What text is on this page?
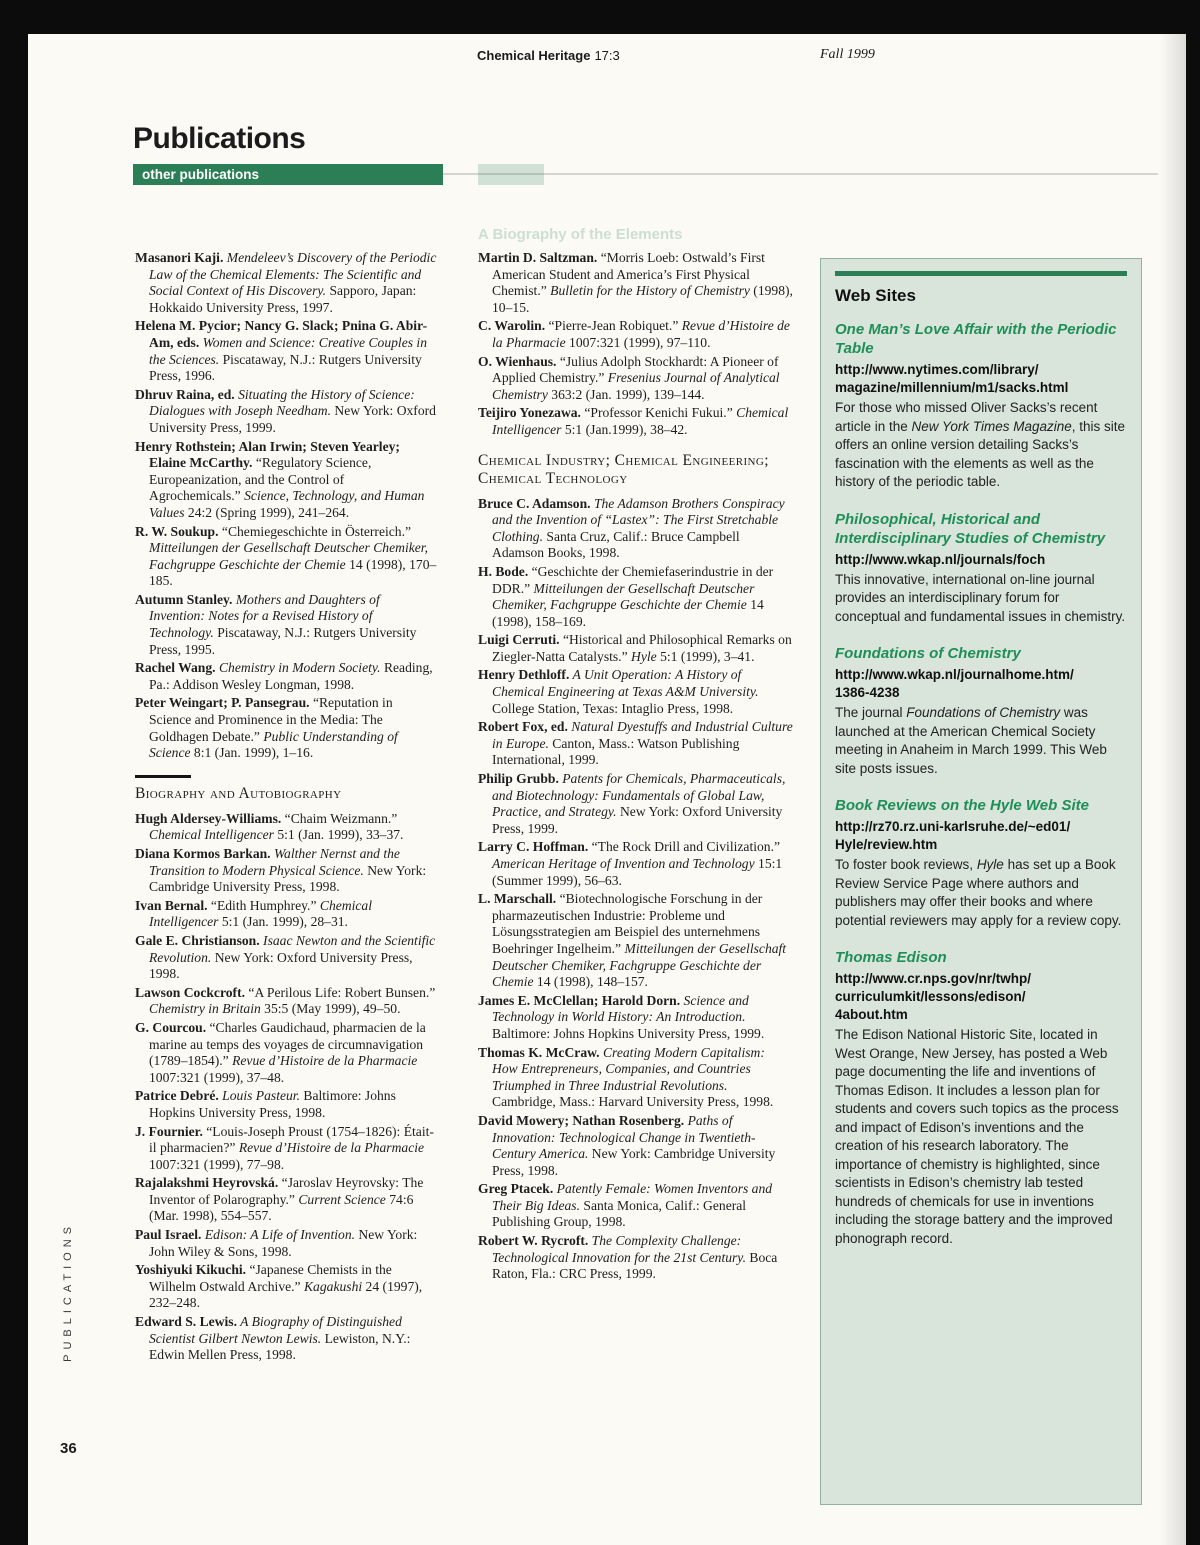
Chemical Heritage 17:3	Fall 1999
Publications
other publications
A Biography of the Elements

Masanori Kaji. Mendeleev’s Discovery of the Periodic Law of the Chemical Elements: The Scientific and Social Context of His Discovery. Sapporo, Japan: Hokkaido University Press, 1997.

Helena M. Pycior; Nancy G. Slack; Pnina G. Abir-Am, eds. Women and Science: Creative Couples in the Sciences. Piscataway, N.J.: Rutgers University Press, 1996.

Dhruv Raina, ed. Situating the History of Science: Dialogues with Joseph Needham. New York: Oxford University Press, 1999.

Henry Rothstein; Alan Irwin; Steven Yearley; Elaine McCarthy. “Regulatory Science, Europeanization, and the Control of Agrochemicals.” Science, Technology, and Human Values 24:2 (Spring 1999), 241–264.

R. W. Soukup. “Chemiegeschichte in Österreich.” Mitteilungen der Gesellschaft Deutscher Chemiker, Fachgruppe Geschichte der Chemie 14 (1998), 170–185.

Autumn Stanley. Mothers and Daughters of Invention: Notes for a Revised History of Technology. Piscataway, N.J.: Rutgers University Press, 1995.

Rachel Wang. Chemistry in Modern Society. Reading, Pa.: Addison Wesley Longman, 1998.

Peter Weingart; P. Pansegrau. “Reputation in Science and Prominence in the Media: The Goldhagen Debate.” Public Understanding of Science 8:1 (Jan. 1999), 1–16.

Biography and Autobiography

Hugh Aldersey-Williams. “Chaim Weizmann.” Chemical Intelligencer 5:1 (Jan. 1999), 33–37.

Diana Kormos Barkan. Walther Nernst and the Transition to Modern Physical Science. New York: Cambridge University Press, 1998.

Ivan Bernal. “Edith Humphrey.” Chemical Intelligencer 5:1 (Jan. 1999), 28–31.

Gale E. Christianson. Isaac Newton and the Scientific Revolution. New York: Oxford University Press, 1998.

Lawson Cockcroft. “A Perilous Life: Robert Bunsen.” Chemistry in Britain 35:5 (May 1999), 49–50.

G. Courcou. “Charles Gaudichaud, pharmacien de la marine au temps des voyages de circumnavigation (1789–1854).” Revue d’Histoire de la Pharmacie 1007:321 (1999), 37–48.

Patrice Debré. Louis Pasteur. Baltimore: Johns Hopkins University Press, 1998.

J. Fournier. “Louis-Joseph Proust (1754–1826): Était-il pharmacien?” Revue d’Histoire de la Pharmacie 1007:321 (1999), 77–98.

Rajalakshmi Heyrovská. “Jaroslav Heyrovsky: The Inventor of Polarography.” Current Science 74:6 (Mar. 1998), 554–557.

Paul Israel. Edison: A Life of Invention. New York: John Wiley & Sons, 1998.

Yoshiyuki Kikuchi. “Japanese Chemists in the Wilhelm Ostwald Archive.” Kagakushi 24 (1997), 232–248.

Edward S. Lewis. A Biography of Distinguished Scientist Gilbert Newton Lewis. Lewiston, N.Y.: Edwin Mellen Press, 1998.

Martin D. Saltzman. “Morris Loeb: Ostwald’s First American Student and America’s First Physical Chemist.” Bulletin for the History of Chemistry (1998), 10–15.

C. Warolin. “Pierre-Jean Robiquet.” Revue d’Histoire de la Pharmacie 1007:321 (1999), 97–110.

O. Wienhaus. “Julius Adolph Stockhardt: A Pioneer of Applied Chemistry.” Fresenius Journal of Analytical Chemistry 363:2 (Jan. 1999), 139–144.

Teijiro Yonezawa. “Professor Kenichi Fukui.” Chemical Intelligencer 5:1 (Jan.1999), 38–42.

Chemical Industry; Chemical Engineering; Chemical Technology

Bruce C. Adamson. The Adamson Brothers Conspiracy and the Invention of “Lastex”: The First Stretchable Clothing. Santa Cruz, Calif.: Bruce Campbell Adamson Books, 1998.

H. Bode. “Geschichte der Chemiefaserindustrie in der DDR.” Mitteilungen der Gesellschaft Deutscher Chemiker, Fachgruppe Geschichte der Chemie 14 (1998), 158–169.

Luigi Cerruti. “Historical and Philosophical Remarks on Ziegler-Natta Catalysts.” Hyle 5:1 (1999), 3–41.

Henry Dethloff. A Unit Operation: A History of Chemical Engineering at Texas A&M University. College Station, Texas: Intaglio Press, 1998.

Robert Fox, ed. Natural Dyestuffs and Industrial Culture in Europe. Canton, Mass.: Watson Publishing International, 1999.

Philip Grubb. Patents for Chemicals, Pharmaceuticals, and Biotechnology: Fundamentals of Global Law, Practice, and Strategy. New York: Oxford University Press, 1999.

Larry C. Hoffman. “The Rock Drill and Civilization.” American Heritage of Invention and Technology 15:1 (Summer 1999), 56–63.

L. Marschall. “Biotechnologische Forschung in der pharmazeutischen Industrie: Probleme und Lösungsstrategien am Beispiel des unternehmens Boehringer Ingelheim.” Mitteilungen der Gesellschaft Deutscher Chemiker, Fachgruppe Geschichte der Chemie 14 (1998), 148–157.

James E. McClellan; Harold Dorn. Science and Technology in World History: An Introduction. Baltimore: Johns Hopkins University Press, 1999.

Thomas K. McCraw. Creating Modern Capitalism: How Entrepreneurs, Companies, and Countries Triumphed in Three Industrial Revolutions. Cambridge, Mass.: Harvard University Press, 1998.

David Mowery; Nathan Rosenberg. Paths of Innovation: Technological Change in Twentieth-Century America. New York: Cambridge University Press, 1998.

Greg Ptacek. Patently Female: Women Inventors and Their Big Ideas. Santa Monica, Calif.: General Publishing Group, 1998.

Robert W. Rycroft. The Complexity Challenge: Technological Innovation for the 21st Century. Boca Raton, Fla.: CRC Press, 1999.

Web Sites
One Man’s Love Affair with the Periodic Table
http://www.nytimes.com/library/
magazine/millennium/m1/sacks.html

For those who missed Oliver Sacks’s recent article in the New York Times Magazine, this site offers an online version detailing Sacks’s fascination with the elements as well as the history of the periodic table.

Philosophical, Historical and Interdisciplinary Studies of Chemistry
http://www.wkap.nl/journals/foch

This innovative, international on-line journal provides an interdisciplinary forum for conceptual and fundamental issues in chemistry.

Foundations of Chemistry
http://www.wkap.nl/journalhome.htm/
1386-4238

The journal Foundations of Chemistry was launched at the American Chemical Society meeting in Anaheim in March 1999. This Web site posts issues.

Book Reviews on the Hyle Web Site
http://rz70.rz.uni-karlsruhe.de/~ed01/
Hyle/review.htm

To foster book reviews, Hyle has set up a Book Review Service Page where authors and publishers may offer their books and where potential reviewers may apply for a review copy.

Thomas Edison
http://www.cr.nps.gov/nr/twhp/
curriculumkit/lessons/edison/
4about.htm

The Edison National Historic Site, located in West Orange, New Jersey, has posted a Web page documenting the life and inventions of Thomas Edison. It includes a lesson plan for students and covers such topics as the process and impact of Edison’s inventions and the creation of his research laboratory. The importance of chemistry is highlighted, since scientists in Edison’s chemistry lab tested hundreds of chemicals for use in inventions including the storage battery and the improved phonograph record.

PUBLICATIONS
36
